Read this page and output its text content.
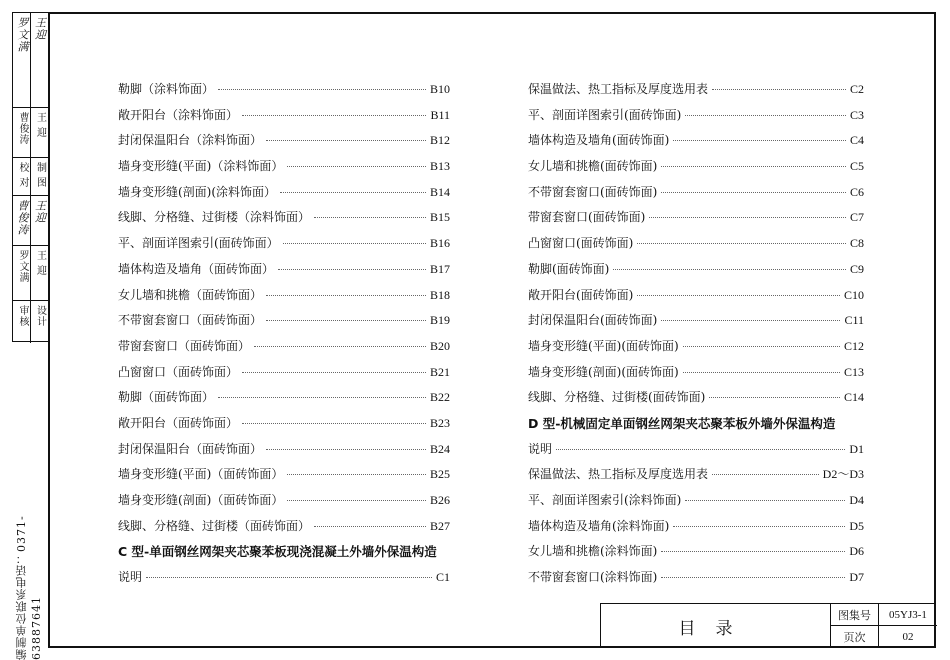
罗文满 王迎
曹俊涛 王 迎
校 对 制 图
曹俊涛 王迎
罗文满 王 迎
审核 设计
编制单位联系电话：0371-63887641
勒脚（涂料饰面）	B10
敞开阳台（涂料饰面）	B11
封闭保温阳台（涂料饰面）	B12
墙身变形缝(平面)（涂料饰面）	B13
墙身变形缝(剖面)(涂料饰面）	B14
线脚、分格缝、过街楼（涂料饰面）	B15
平、剖面详图索引(面砖饰面）	B16
墙体构造及墙角（面砖饰面）	B17
女儿墙和挑檐（面砖饰面）	B18
不带窗套窗口（面砖饰面）	B19
带窗套窗口（面砖饰面）	B20
凸窗窗口（面砖饰面）	B21
勒脚（面砖饰面）	B22
敞开阳台（面砖饰面）	B23
封闭保温阳台（面砖饰面）	B24
墙身变形缝(平面)（面砖饰面）	B25
墙身变形缝(剖面)（面砖饰面）	B26
线脚、分格缝、过街楼（面砖饰面）	B27
C 型-单面钢丝网架夹芯聚苯板现浇混凝土外墙外保温构造
说明	C1
保温做法、热工指标及厚度选用表	C2
平、剖面详图索引(面砖饰面)	C3
墙体构造及墙角(面砖饰面)	C4
女儿墙和挑檐(面砖饰面)	C5
不带窗套窗口(面砖饰面)	C6
带窗套窗口(面砖饰面)	C7
凸窗窗口(面砖饰面)	C8
勒脚(面砖饰面)	C9
敞开阳台(面砖饰面)	C10
封闭保温阳台(面砖饰面)	C11
墙身变形缝(平面)(面砖饰面)	C12
墙身变形缝(剖面)(面砖饰面)	C13
线脚、分格缝、过街楼(面砖饰面)	C14
D 型-机械固定单面钢丝网架夹芯聚苯板外墙外保温构造
说明	D1
保温做法、热工指标及厚度选用表	D2～D3
平、剖面详图索引(涂料饰面)	D4
墙体构造及墙角(涂料饰面)	D5
女儿墙和挑檐(涂料饰面)	D6
不带窗套窗口(涂料饰面)	D7
目录
图集号	05YJ3-1
页次	02
